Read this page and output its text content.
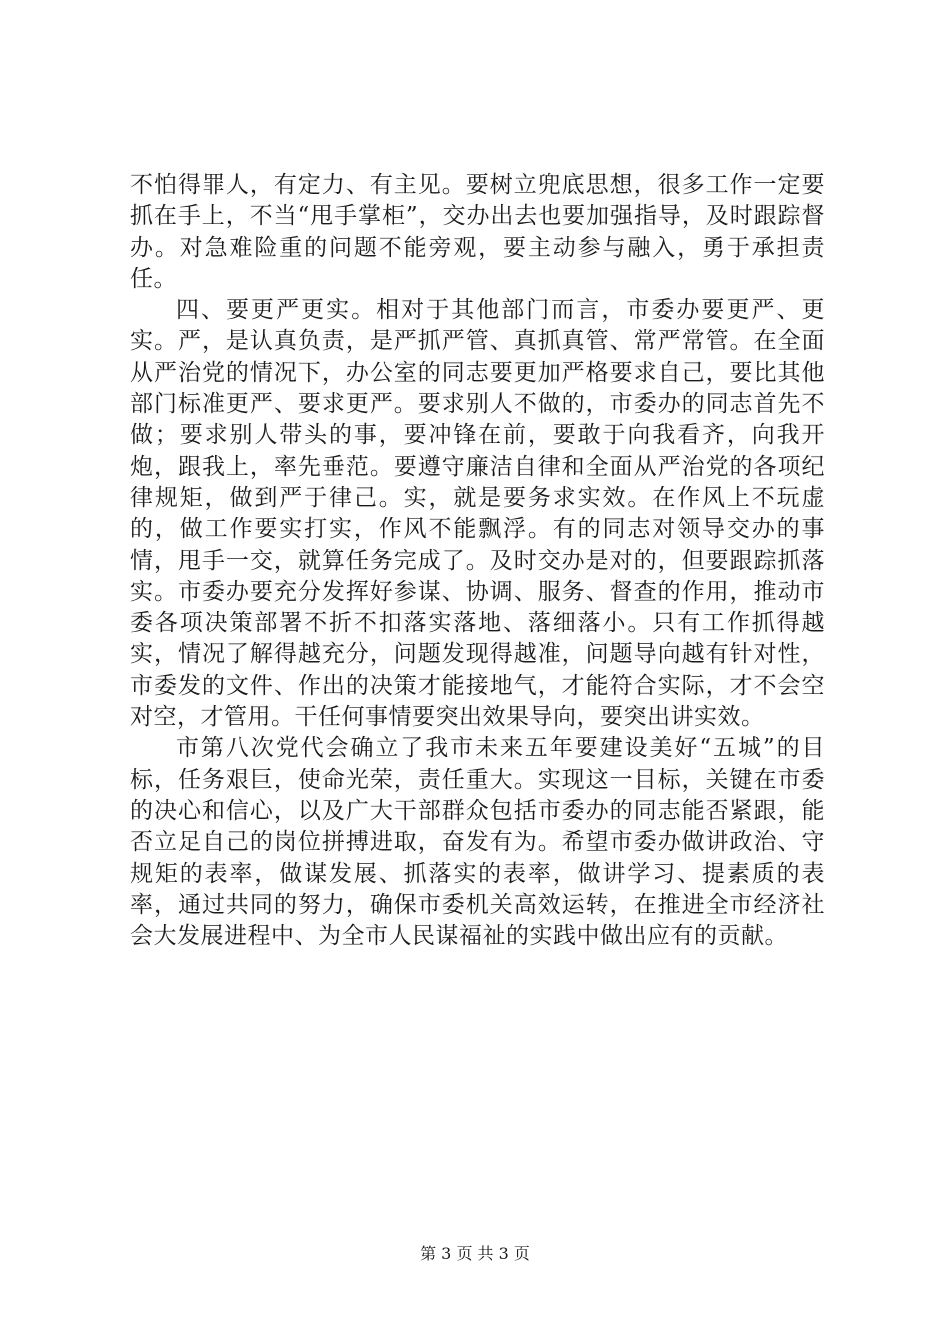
不怕得罪人，有定力、有主见。要树立兜底思想，很多工作一定要抓在手上，不当“甩手掌柜”，交办出去也要加强指导，及时跟踪督办。对急难险重的问题不能旁观，要主动参与融入，勇于承担责任。

四、要更严更实。相对于其他部门而言，市委办要更严、更实。严，是认真负责，是严抓严管、真抓真管、常严常管。在全面从严治党的情况下，办公室的同志要更加严格要求自己，要比其他部门标准更严、要求更严。要求别人不做的，市委办的同志首先不做；要求别人带头的事，要冲锋在前，要敢于向我看齐，向我开炮，跟我上，率先垂范。要遵守廉洁自律和全面从严治党的各项纪律规矩，做到严于律己。实，就是要务求实效。在作风上不玩虚的，做工作要实打实，作风不能飘浮。有的同志对领导交办的事情，甩手一交，就算任务完成了。及时交办是对的，但要跟踪抓落实。市委办要充分发挥好参谋、协调、服务、督查的作用，推动市委各项决策部署不折不扣落实落地、落细落小。只有工作抓得越实，情况了解得越充分，问题发现得越准，问题导向越有针对性，市委发的文件、作出的决策才能接地气，才能符合实际，才不会空对空，才管用。干任何事情要突出效果导向，要突出讲实效。

市第八次党代会确立了我市未来五年要建设美好“五城”的目标，任务艰巨，使命光荣，责任重大。实现这一目标，关键在市委的决心和信心，以及广大干部群众包括市委办的同志能否紧跟，能否立足自己的岗位拼搏进取，奋发有为。希望市委办做讲政治、守规矩的表率，做谋发展、抓落实的表率，做讲学习、提素质的表率，通过共同的努力，确保市委机关高效运转，在推进全市经济社会大发展进程中、为全市人民谋福祉的实践中做出应有的贡献。

第 3 页 共 3 页
